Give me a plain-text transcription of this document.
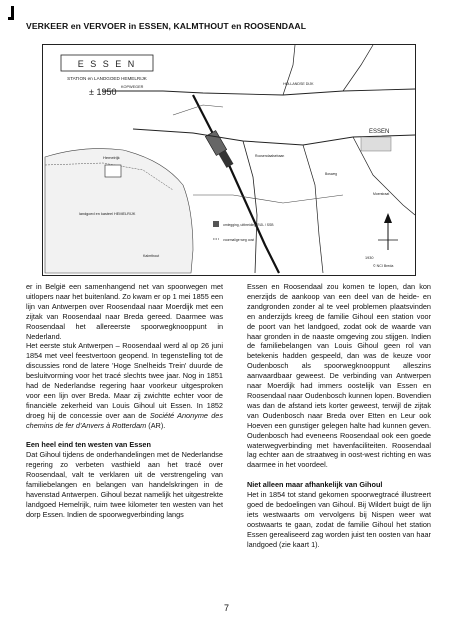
VERKEER en VERVOER in ESSEN, KALMTHOUT en ROOSENDAAL
E S S E N
STATION en LANDGOED HEMELRIJK
± 1950 KOPWEGER
HOLLANDSE DIJK
ESSEN
Hemelrijk
landgoed en kasteel HEMELRIJK
Kalmthout
Roosendaalsebaan
Bosweg
Moerstraat
omlegging, uitbreiding RIJL / SSB
voormalige weg oost
1930
© NCI Breda

er in België een samenhangend net van spoorwegen met uitlopers naar het buitenland. Zo kwam er op 1 mei 1855 een lijn van Antwerpen over Roosendaal naar Moerdijk met een zijtak van Roosendaal naar Breda gereed. Daarmee was Roosendaal het allereerste spoorwegknooppunt in Nederland.

Het eerste stuk Antwerpen – Roosendaal werd al op 26 juni 1854 met veel feestvertoon geopend. In tegenstelling tot de discussies rond de latere 'Hoge Snelheids Trein' duurde de besluitvorming voor het tracé slechts twee jaar. Nog in 1851 had de Nederlandse regering haar voorkeur uitgesproken voor een lijn over Breda. Maar zij zwichtte echter voor de financiële zekerheid van Louis Gihoul uit Essen. In 1852 droeg hij de concessie over aan de Société Anonyme des chemins de fer d'Anvers à Rotterdam (AR).

Een heel eind ten westen van Essen

Dat Gihoul tijdens de onderhandelingen met de Nederlandse regering zo verbeten vasthield aan het tracé over Roosendaal, valt te verklaren uit de verstrengeling van familiebelangen en belangen van handelskringen in de havenstad Antwerpen. Gihoul bezat namelijk het uitgestrekte landgoed Hemelrijk, ruim twee kilometer ten westen van het dorp Essen. Indien de spoorwegverbinding langs

Essen en Roosendaal zou komen te lopen, dan kon enerzijds de aankoop van een deel van de heide- en zandgronden zonder al te veel problemen plaatsvinden en anderzijds kreeg de familie Gihoul een station voor de poort van het landgoed, zodat ook de waarde van haar gronden in de naaste omgeving zou stijgen. Indien de familiebelangen van Louis Gihoul geen rol van betekenis hadden gespeeld, dan was de keuze voor Oudenbosch als spoorwegknooppunt alleszins aanvaardbaar geweest. De verbinding van Antwerpen naar Moerdijk had immers oostelijk van Essen en Roosendaal naar Oudenbosch kunnen lopen. Bovendien was dan de afstand iets korter geweest, terwijl de zijtak van Oudenbosch naar Breda over Etten en Leur ook Hoeven een gunstiger gelegen halte had kunnen geven. Oudenbosch had eveneens Roosendaal ook een goede waterwegverbinding met havenfaciliteiten. Roosendaal lag echter aan de straatweg in oost-west richting en was daarmee in het voordeel.

Niet alleen maar afhankelijk van Gihoul

Het in 1854 tot stand gekomen spoorwegtracé illustreert goed de bedoelingen van Gihoul. Bij Wildert buigt de lijn iets westwaarts om vervolgens bij Nispen weer wat oostwaarts te gaan, zodat de familie Gihoul het station Essen gerealiseerd zag worden juist ten oosten van haar landgoed (zie kaart 1).

7
